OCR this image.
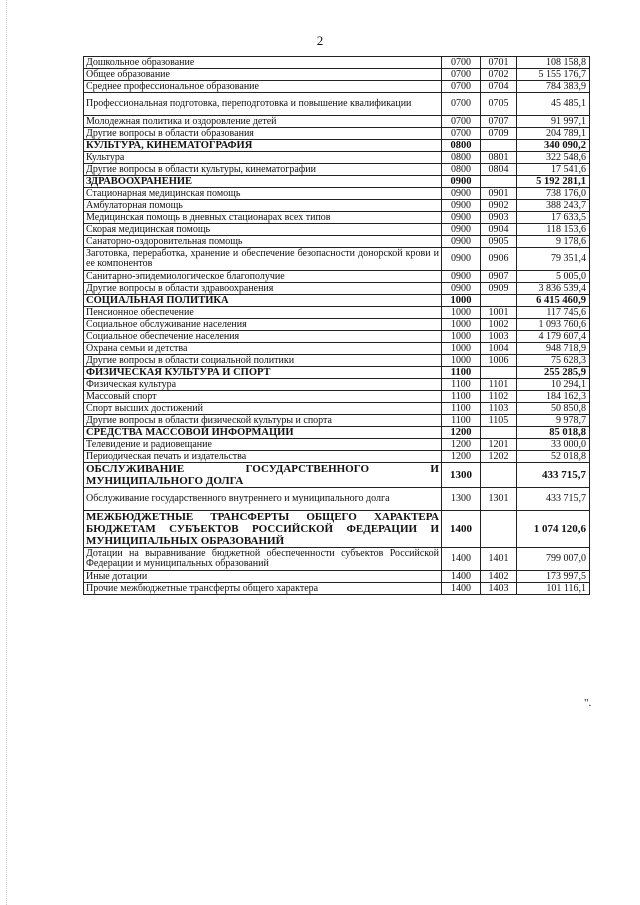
2
Дошкольное образование	0700	0701	108 158,8
Общее образование	0700	0702	5 155 176,7
Среднее профессиональное образование	0700	0704	784 383,9
Профессиональная подготовка, переподготовка и повышение квалификации	0700	0705	45 485,1
Молодежная политика и оздоровление детей	0700	0707	91 997,1
Другие вопросы в области образования	0700	0709	204 789,1
КУЛЬТУРА, КИНЕМАТОГРАФИЯ	0800		340 090,2
Культура	0800	0801	322 548,6
Другие вопросы в области культуры, кинематографии	0800	0804	17 541,6
ЗДРАВООХРАНЕНИЕ	0900		5 192 281,1
Стационарная медицинская помощь	0900	0901	738 176,0
Амбулаторная помощь	0900	0902	388 243,7
Медицинская помощь в дневных стационарах всех типов	0900	0903	17 633,5
Скорая медицинская помощь	0900	0904	118 153,6
Санаторно-оздоровительная помощь	0900	0905	9 178,6
Заготовка, переработка, хранение и обеспечение безопасности донорской крови и ее компонентов	0900	0906	79 351,4
Санитарно-эпидемиологическое благополучие	0900	0907	5 005,0
Другие вопросы в области здравоохранения	0900	0909	3 836 539,4
СОЦИАЛЬНАЯ ПОЛИТИКА	1000		6 415 460,9
Пенсионное обеспечение	1000	1001	117 745,6
Социальное обслуживание населения	1000	1002	1 093 760,6
Социальное обеспечение населения	1000	1003	4 179 607,4
Охрана семьи и детства	1000	1004	948 718,9
Другие вопросы в области социальной политики	1000	1006	75 628,3
ФИЗИЧЕСКАЯ КУЛЬТУРА И СПОРТ	1100		255 285,9
Физическая культура	1100	1101	10 294,1
Массовый спорт	1100	1102	184 162,3
Спорт высших достижений	1100	1103	50 850,8
Другие вопросы в области физической культуры и спорта	1100	1105	9 978,7
СРЕДСТВА МАССОВОЙ ИНФОРМАЦИИ	1200		85 018,8
Телевидение и радиовещание	1200	1201	33 000,0
Периодическая печать и издательства	1200	1202	52 018,8
ОБСЛУЖИВАНИЕ ГОСУДАРСТВЕННОГО И МУНИЦИПАЛЬНОГО ДОЛГА	1300		433 715,7
Обслуживание государственного внутреннего и муниципального долга	1300	1301	433 715,7
МЕЖБЮДЖЕТНЫЕ ТРАНСФЕРТЫ ОБЩЕГО ХАРАКТЕРА БЮДЖЕТАМ СУБЪЕКТОВ РОССИЙСКОЙ ФЕДЕРАЦИИ И МУНИЦИПАЛЬНЫХ ОБРАЗОВАНИЙ	1400		1 074 120,6
Дотации на выравнивание бюджетной обеспеченности субъектов Российской Федерации и муниципальных образований	1400	1401	799 007,0
Иные дотации	1400	1402	173 997,5
Прочие межбюджетные трансферты общего характера	1400	1403	101 116,1
".
